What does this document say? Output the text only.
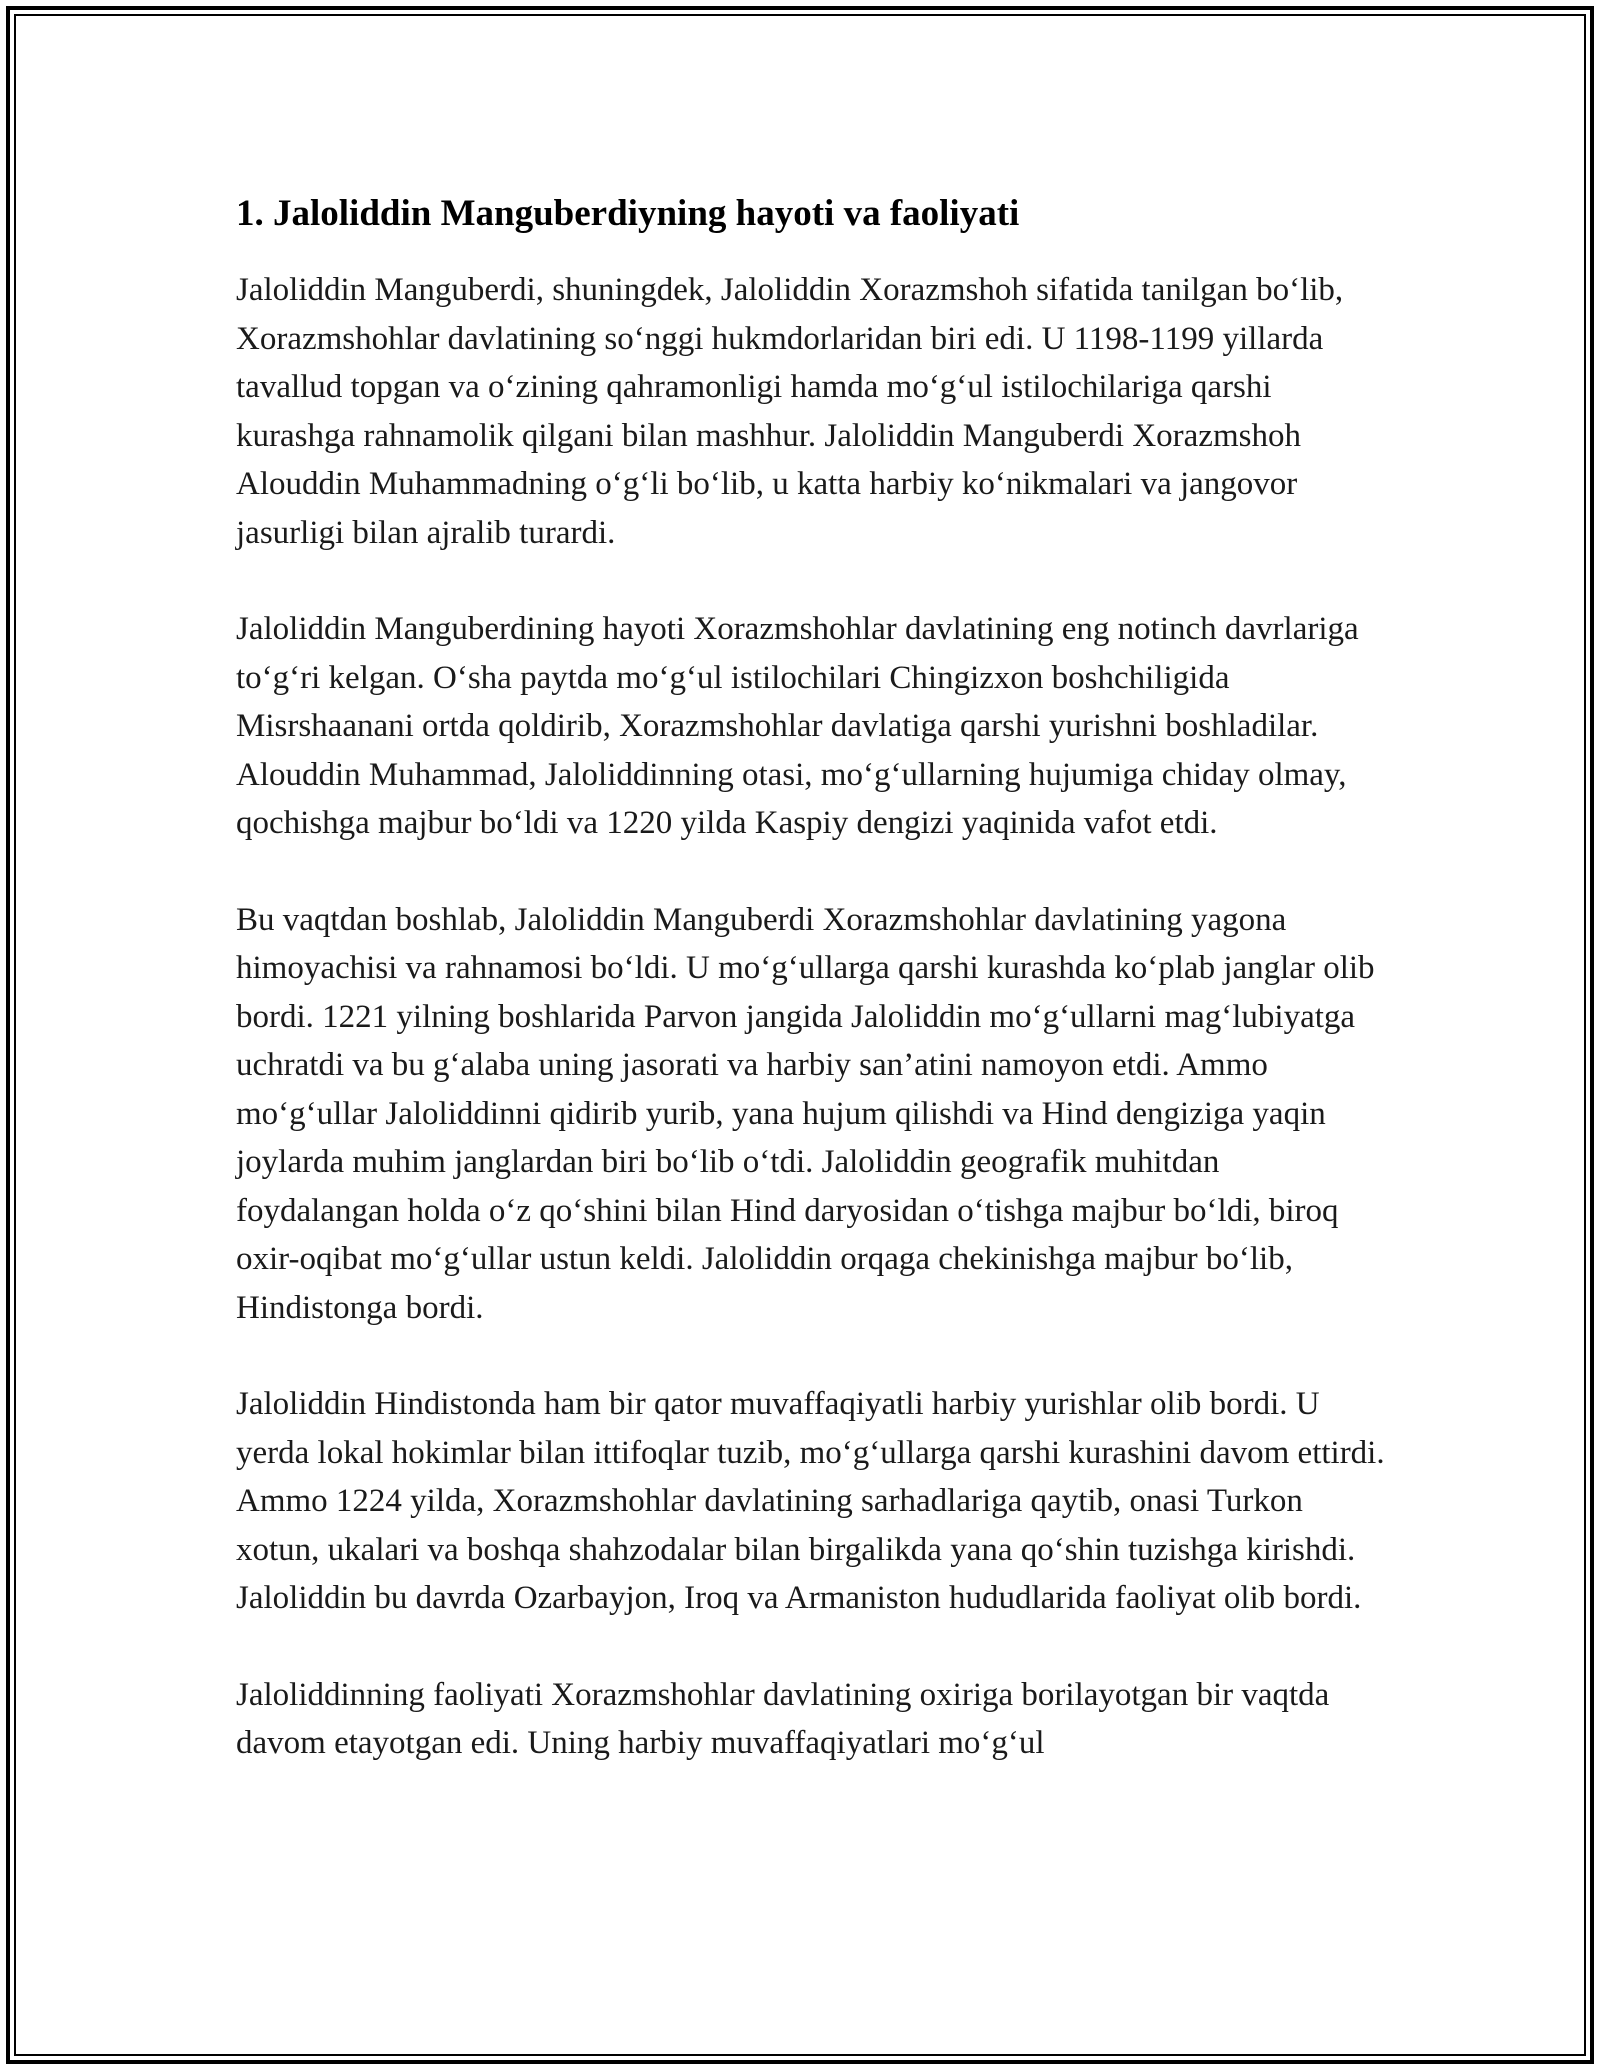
1. Jaloliddin Manguberdiyning hayoti va faoliyati

Jaloliddin Manguberdi, shuningdek, Jaloliddin Xorazmshoh sifatida tanilgan bo‘lib, Xorazmshohlar davlatining so‘nggi hukmdorlaridan biri edi. U 1198-1199 yillarda tavallud topgan va o‘zining qahramonligi hamda mo‘g‘ul istilochilariga qarshi kurashga rahnamolik qilgani bilan mashhur. Jaloliddin Manguberdi Xorazmshoh Alouddin Muhammadning o‘g‘li bo‘lib, u katta harbiy ko‘nikmalari va jangovor jasurligi bilan ajralib turardi.

Jaloliddin Manguberdining hayoti Xorazmshohlar davlatining eng notinch davrlariga to‘g‘ri kelgan. O‘sha paytda mo‘g‘ul istilochilari Chingizxon boshchiligida Misrshaanani ortda qoldirib, Xorazmshohlar davlatiga qarshi yurishni boshladilar. Alouddin Muhammad, Jaloliddinning otasi, mo‘g‘ullarning hujumiga chiday olmay, qochishga majbur bo‘ldi va 1220 yilda Kaspiy dengizi yaqinida vafot etdi.

Bu vaqtdan boshlab, Jaloliddin Manguberdi Xorazmshohlar davlatining yagona himoyachisi va rahnamosi bo‘ldi. U mo‘g‘ullarga qarshi kurashda ko‘plab janglar olib bordi. 1221 yilning boshlarida Parvon jangida Jaloliddin mo‘g‘ullarni mag‘lubiyatga uchratdi va bu g‘alaba uning jasorati va harbiy san’atini namoyon etdi. Ammo mo‘g‘ullar Jaloliddinni qidirib yurib, yana hujum qilishdi va Hind dengiziga yaqin joylarda muhim janglardan biri bo‘lib o‘tdi. Jaloliddin geografik muhitdan foydalangan holda o‘z qo‘shini bilan Hind daryosidan o‘tishga majbur bo‘ldi, biroq oxir-oqibat mo‘g‘ullar ustun keldi. Jaloliddin orqaga chekinishga majbur bo‘lib, Hindistonga bordi.

Jaloliddin Hindistonda ham bir qator muvaffaqiyatli harbiy yurishlar olib bordi. U yerda lokal hokimlar bilan ittifoqlar tuzib, mo‘g‘ullarga qarshi kurashini davom ettirdi. Ammo 1224 yilda, Xorazmshohlar davlatining sarhadlariga qaytib, onasi Turkon xotun, ukalari va boshqa shahzodalar bilan birgalikda yana qo‘shin tuzishga kirishdi. Jaloliddin bu davrda Ozarbayjon, Iroq va Armaniston hududlarida faoliyat olib bordi.

Jaloliddinning faoliyati Xorazmshohlar davlatining oxiriga borilayotgan bir vaqtda davom etayotgan edi. Uning harbiy muvaffaqiyatlari mo‘g‘ul
